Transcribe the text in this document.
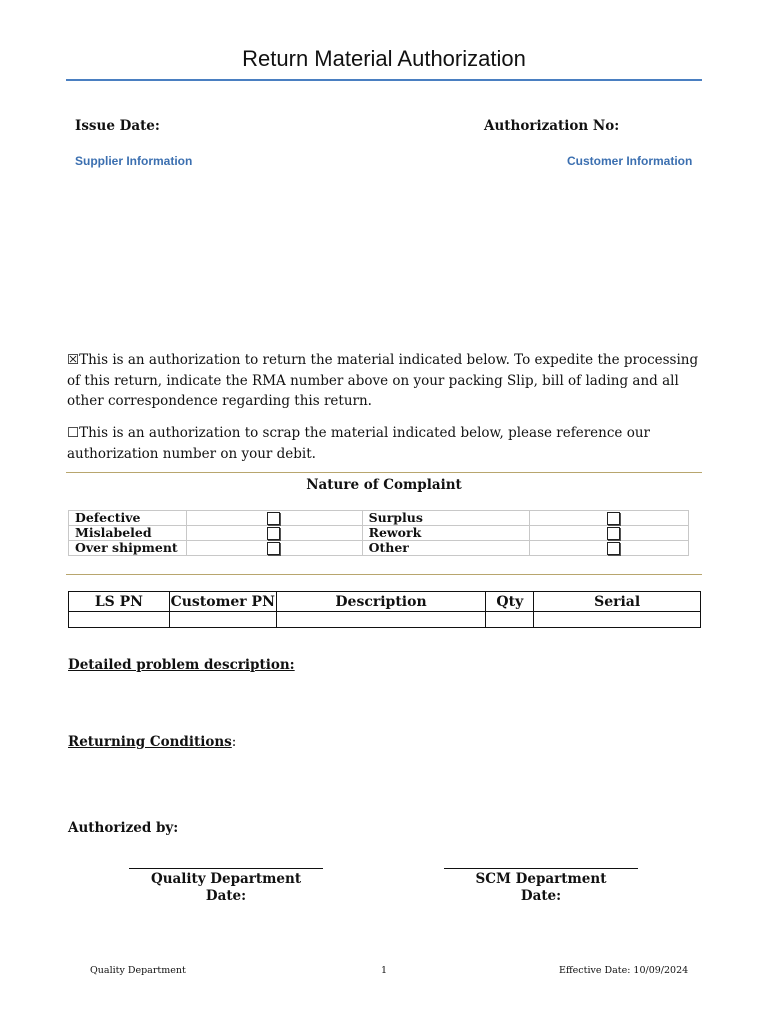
Return Material Authorization
Issue Date:	Authorization No:
Supplier Information	Customer Information
☒This is an authorization to return the material indicated below. To expedite the processing of this return, indicate the RMA number above on your packing Slip, bill of lading and all other correspondence regarding this return.
☐This is an authorization to scrap the material indicated below, please reference our authorization number on your debit.
Nature of Complaint
Defective		Surplus	
Mislabeled		Rework	
Over shipment		Other	
LS PN	Customer PN	Description	Qty	Serial

Detailed problem description:
Returning Conditions:
Authorized by:
Quality Department
Date:
SCM Department
Date:
Quality Department	1	Effective Date: 10/09/2024
